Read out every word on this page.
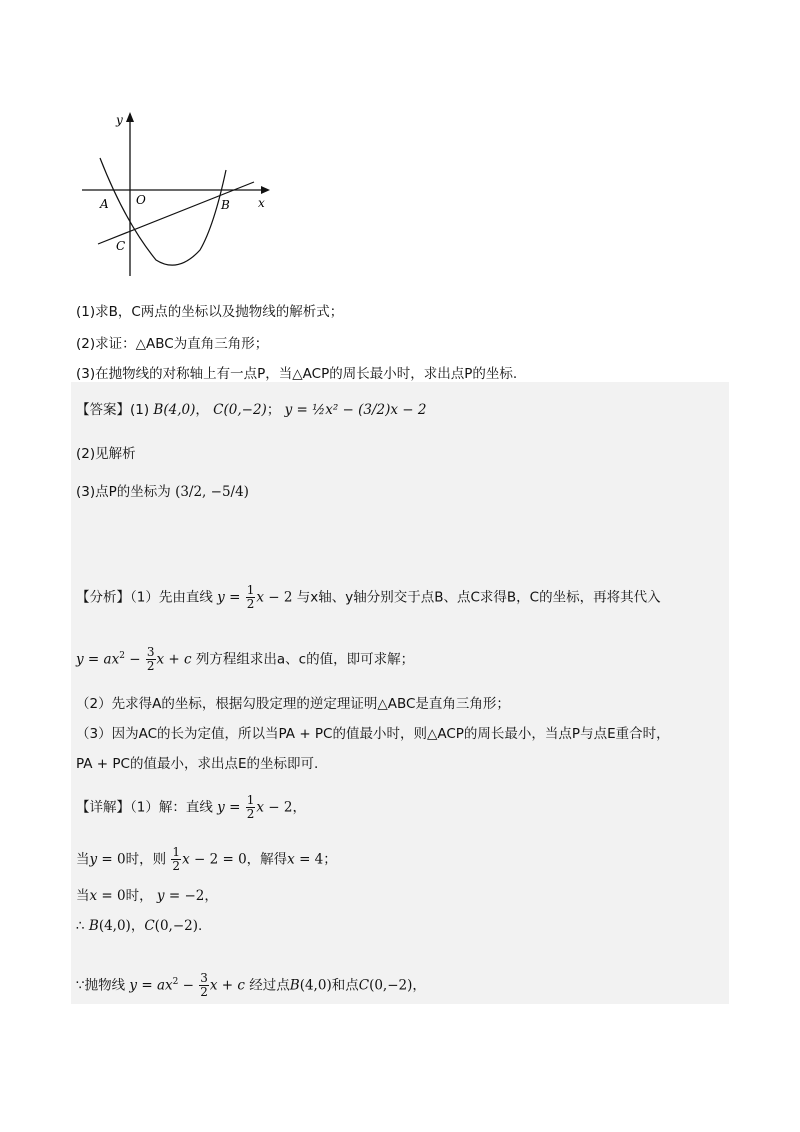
y
x
O
A	B
C
(1)求B，C两点的坐标以及抛物线的解析式；
(2)求证：△ABC为直角三角形；
(3)在抛物线的对称轴上有一点P，当△ACP的周长最小时，求出点P的坐标.
【答案】(1) B(4,0)， C(0,−2)； y = ½x² − (3/2)x − 2
(2)见解析
(3)点P的坐标为 (3/2, −5/4)
【分析】（1）先由直线 $y = \frac{1}{2}$ x − 2 与x轴、y轴分别交于点B、点C求得B，C的坐标，再将其代入
$y = ax^2 - \frac{3}{2}$ x + c 列方程组求出a、c的值，即可求解；
（2）先求得A的坐标，根据勾股定理的逆定理证明△ABC是直角三角形；
（3）因为AC的长为定值，所以当PA + PC的值最小时，则△ACP的周长最小，当点P与点E重合时，
PA + PC的值最小，求出点E的坐标即可.
【详解】（1）解：直线 $y = \frac{1}{2}$ x − 2，
当y = 0时，则 $\frac{1}{2}$ x − 2 = 0，解得x = 4；
当x = 0时， y = −2，
∴ B(4,0)，C(0,−2).
∵抛物线 $y = ax^2 - \frac{3}{2}$ x + c 经过点B(4,0)和点C(0,−2)，
